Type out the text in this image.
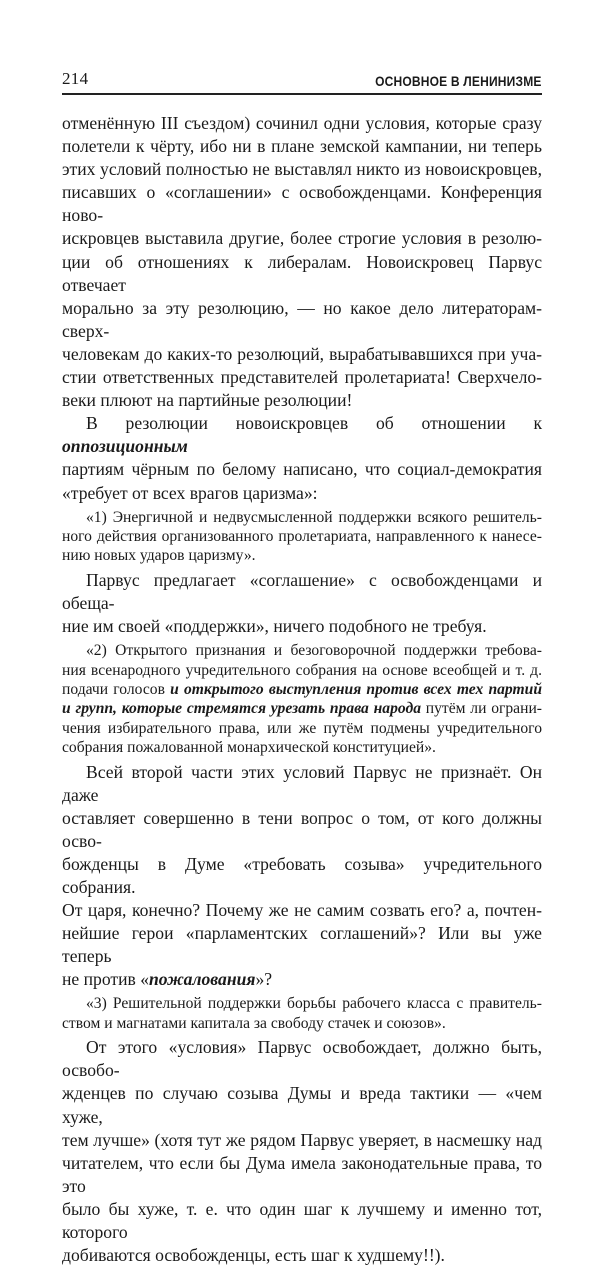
214	ОСНОВНОЕ В ЛЕНИНИЗМЕ
отменённую III съездом) сочинил одни условия, которые сразу
полетели к чёрту, ибо ни в плане земской кампании, ни теперь
этих условий полностью не выставлял никто из новоискровцев,
писавших о «соглашении» с освобожденцами. Конференция ново-
искровцев выставила другие, более строгие условия в резолю-
ции об отношениях к либералам. Новоискровец Парвус отвечает
морально за эту резолюцию, — но какое дело литераторам-сверх-
человекам до каких-то резолюций, вырабатывавшихся при уча-
стии ответственных представителей пролетариата! Сверхчело-
веки плюют на партийные резолюции!
В резолюции новоискровцев об отношении к оппозиционным
партиям чёрным по белому написано, что социал-демократия
«требует от всех врагов царизма»:
«1) Энергичной и недвусмысленной поддержки всякого решитель-
ного действия организованного пролетариата, направленного к нанесе-
нию новых ударов царизму».
Парвус предлагает «соглашение» с освобожденцами и обеща-
ние им своей «поддержки», ничего подобного не требуя.
«2) Открытого признания и безоговорочной поддержки требова-
ния всенародного учредительного собрания на основе всеобщей и т. д.
подачи голосов и открытого выступления против всех тех партий
и групп, которые стремятся урезать права народа путём ли ограни-
чения избирательного права, или же путём подмены учредительного
собрания пожалованной монархической конституцией».
Всей второй части этих условий Парвус не признаёт. Он даже
оставляет совершенно в тени вопрос о том, от кого должны осво-
божденцы в Думе «требовать созыва» учредительного собрания.
От царя, конечно? Почему же не самим созвать его? а, почтен-
нейшие герои «парламентских соглашений»? Или вы уже теперь
не против «пожалования»?
«3) Решительной поддержки борьбы рабочего класса с правитель-
ством и магнатами капитала за свободу стачек и союзов».
От этого «условия» Парвус освобождает, должно быть, освобо-
жденцев по случаю созыва Думы и вреда тактики — «чем хуже,
тем лучше» (хотя тут же рядом Парвус уверяет, в насмешку над
читателем, что если бы Дума имела законодательные права, то это
было бы хуже, т. е. что один шаг к лучшему и именно тот, которого
добиваются освобожденцы, есть шаг к худшему!!).
